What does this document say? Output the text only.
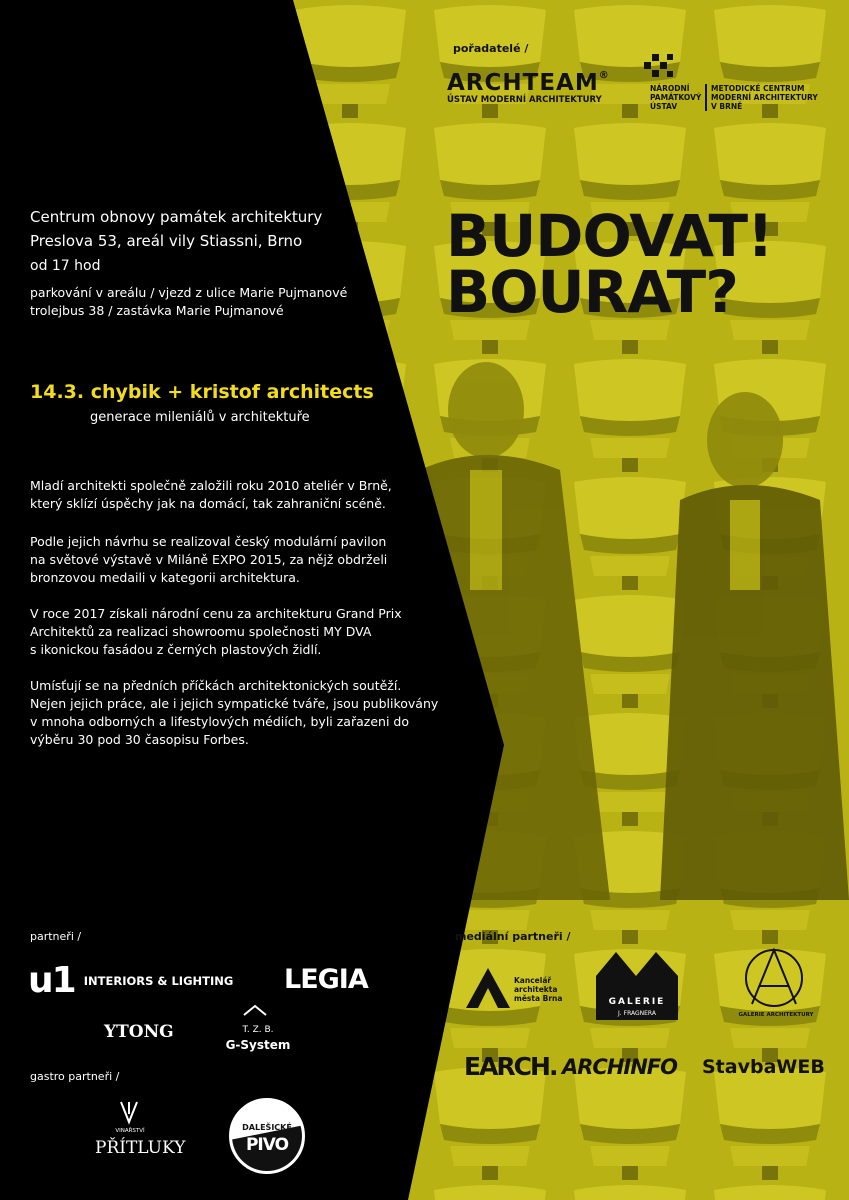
pořadatelé /
ARCHTEAM®
ÚSTAV MODERNÍ ARCHITEKTURY
NÁRODNÍ
PAMÁTKOVÝ
ÚSTAV
METODICKÉ CENTRUM
MODERNÍ ARCHITEKTURY
V BRNĚ
Centrum obnovy památek architektury
Preslova 53, areál vily Stiassni, Brno
od 17 hod
parkování v areálu / vjezd z ulice Marie Pujmanové
trolejbus 38 / zastávka Marie Pujmanové
BUDOVAT!
BOURAT?
14.3. chybik + kristof architects
generace mileniálů v architektuře
Mladí architekti společně založili roku 2010 ateliér v Brně,
který sklízí úspěchy jak na domácí, tak zahraniční scéně.
Podle jejich návrhu se realizoval český modulární pavilon
na světové výstavě v Miláně EXPO 2015, za nějž obdrželi
bronzovou medaili v kategorii architektura.
V roce 2017 získali národní cenu za architekturu Grand Prix
Architektů za realizaci showroomu společnosti MY DVA
s ikonickou fasádou z černých plastových židlí.
Umísťují se na předních příčkách architektonických soutěží.
Nejen jejich práce, ale i jejich sympatické tváře, jsou publikovány
v mnoha odborných a lifestylových médiích, byli zařazeni do
výběru 30 pod 30 časopisu Forbes.
partneři /
u1 INTERIORS & LIGHTING LEGIA
YTONG	T. Z. B.
G-System
gastro partneři /
VINAŘSTVÍ
PŘÍTLUKY
DALEŠICKÉ
PIVO
mediální partneři /
Kancelář
architekta
města Brna	GALERIE
J. FRAGNERA	GALERIE ARCHITEKTURY
EARCH. ARCHINFO StavbaWEB
